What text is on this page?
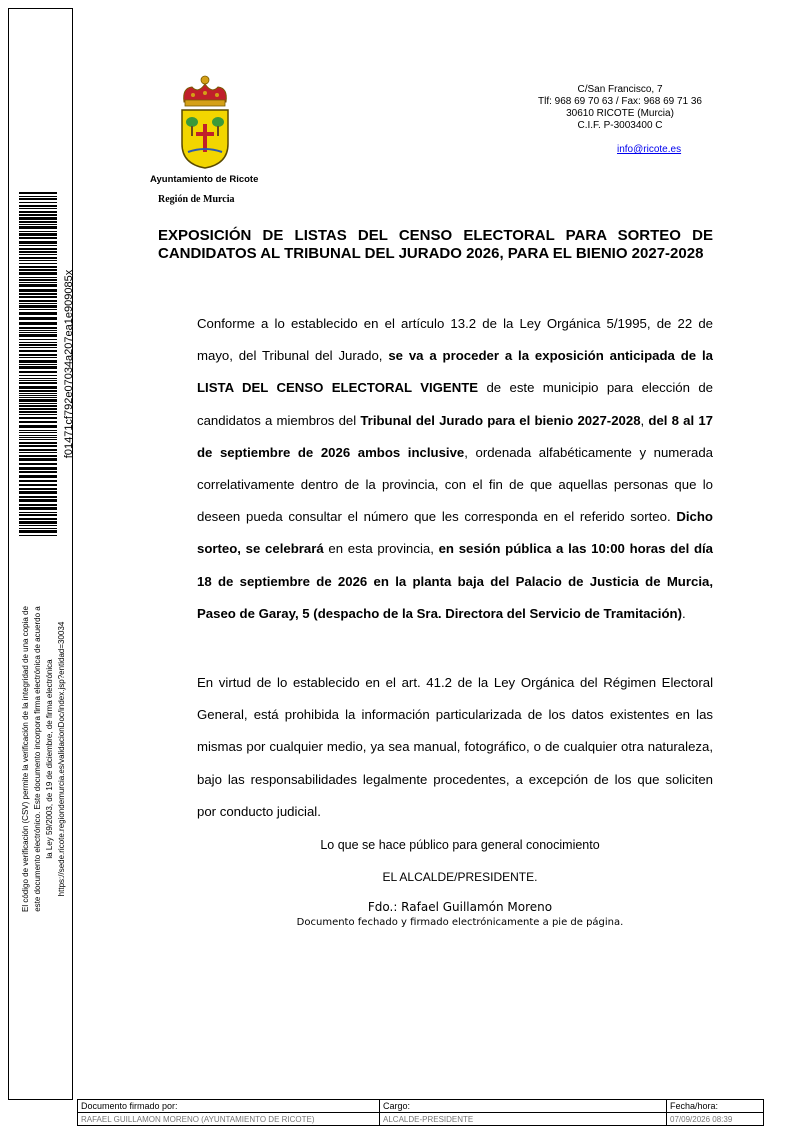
f01471cf792e07034a207ea1e909085x
El código de verificación (CSV) permite la verificación de la integridad de una copia de este documento electrónico. Este documento incorpora firma electrónica de acuerdo a la Ley 59/2003, de 19 de diciembre, de firma electrónica https://sede.ricote.regiondemurcia.es/validacionDoc/index.jsp?entidad=30034
Ayuntamiento de Ricote
Región de Murcia
C/San Francisco, 7
Tlf: 968 69 70 63 / Fax: 968 69 71 36
30610 RICOTE (Murcia)
C.I.F. P-3003400 C
info@ricote.es
EXPOSICIÓN DE LISTAS DEL CENSO ELECTORAL PARA SORTEO DE CANDIDATOS AL TRIBUNAL DEL JURADO 2026, PARA EL BIENIO 2027-2028

Conforme a lo establecido en el artículo 13.2 de la Ley Orgánica 5/1995, de 22 de mayo, del Tribunal del Jurado, se va a proceder a la exposición anticipada de la LISTA DEL CENSO ELECTORAL VIGENTE de este municipio para elección de candidatos a miembros del Tribunal del Jurado para el bienio 2027-2028, del 8 al 17 de septiembre de 2026 ambos inclusive, ordenada alfabéticamente y numerada correlativamente dentro de la provincia, con el fin de que aquellas personas que lo deseen pueda consultar el número que les corresponda en el referido sorteo. Dicho sorteo, se celebrará en esta provincia, en sesión pública a las 10:00 horas del día 18 de septiembre de 2026 en la planta baja del Palacio de Justicia de Murcia, Paseo de Garay, 5 (despacho de la Sra. Directora del Servicio de Tramitación).

En virtud de lo establecido en el art. 41.2 de la Ley Orgánica del Régimen Electoral General, está prohibida la información particularizada de los datos existentes en las mismas por cualquier medio, ya sea manual, fotográfico, o de cualquier otra naturaleza, bajo las responsabilidades legalmente procedentes, a excepción de los que soliciten por conducto judicial.

Lo que se hace público para general conocimiento
EL ALCALDE/PRESIDENTE.
Fdo.: Rafael Guillamón Moreno
Documento fechado y firmado electrónicamente a pie de página.
Documento firmado por:	Cargo:	Fecha/hora:
RAFAEL GUILLAMON MORENO (AYUNTAMIENTO DE RICOTE)	ALCALDE-PRESIDENTE	07/09/2026 08:39
